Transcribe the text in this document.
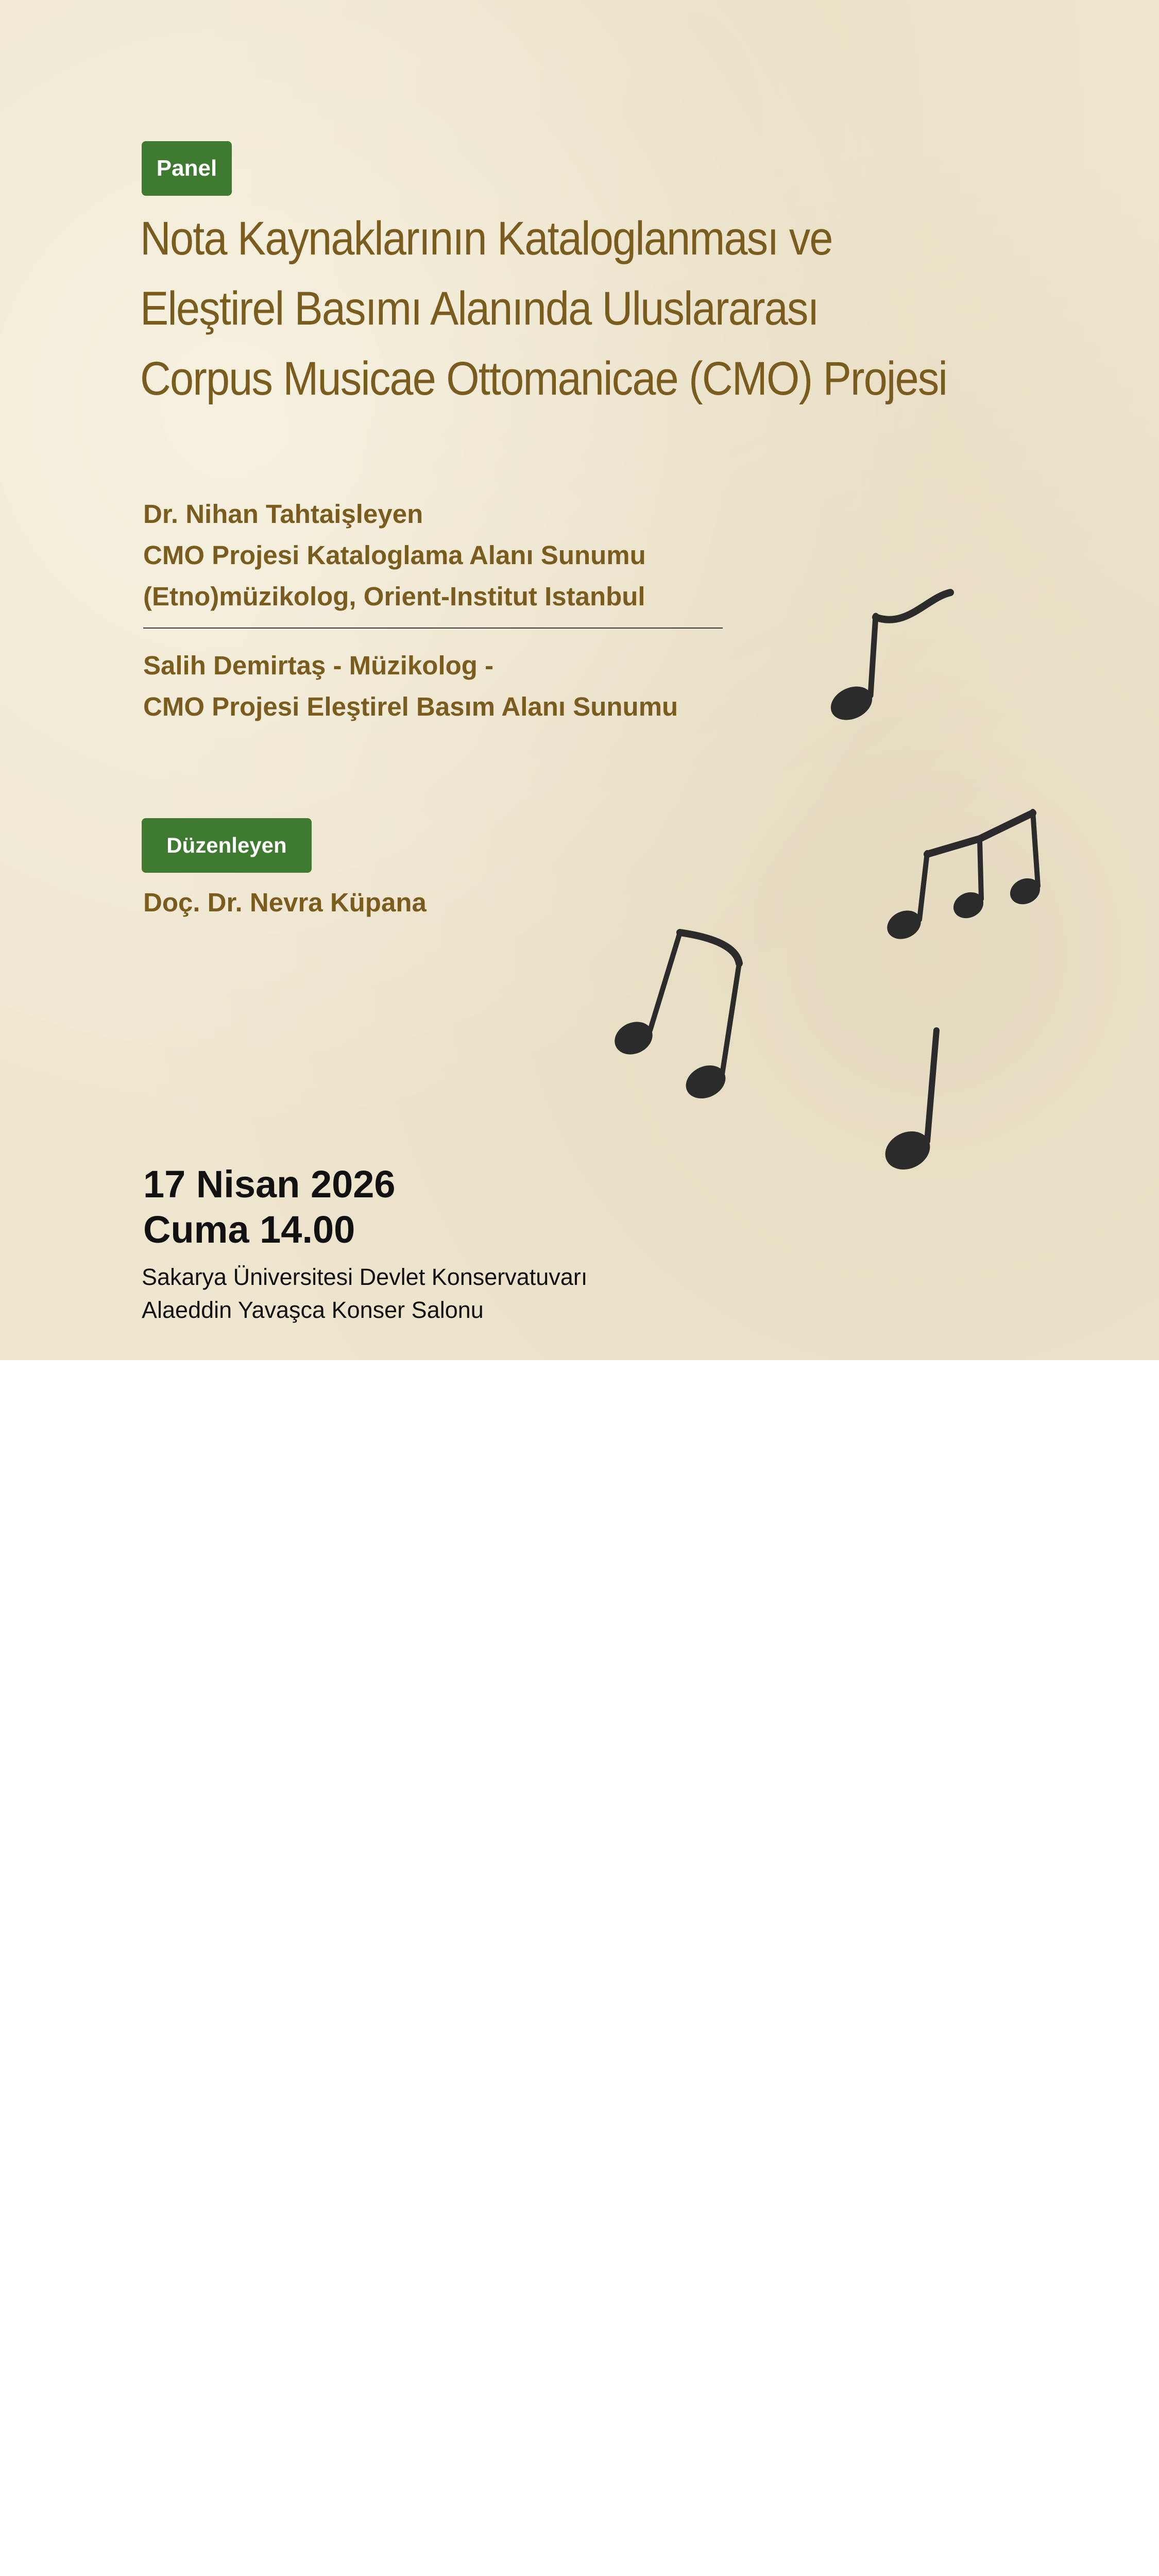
Panel
Nota Kaynaklarının Kataloglanması ve
Eleştirel Basımı Alanında Uluslararası
Corpus Musicae Ottomanicae (CMO) Projesi
Dr. Nihan Tahtaişleyen
CMO Projesi Kataloglama Alanı Sunumu
(Etno)müzikolog, Orient-Institut Istanbul
Salih Demirtaş - Müzikolog -
CMO Projesi Eleştirel Basım Alanı Sunumu
Düzenleyen
Doç. Dr. Nevra Küpana
17 Nisan 2026
Cuma 14.00
Sakarya Üniversitesi Devlet Konservatuvarı
Alaeddin Yavaşca Konser Salonu
